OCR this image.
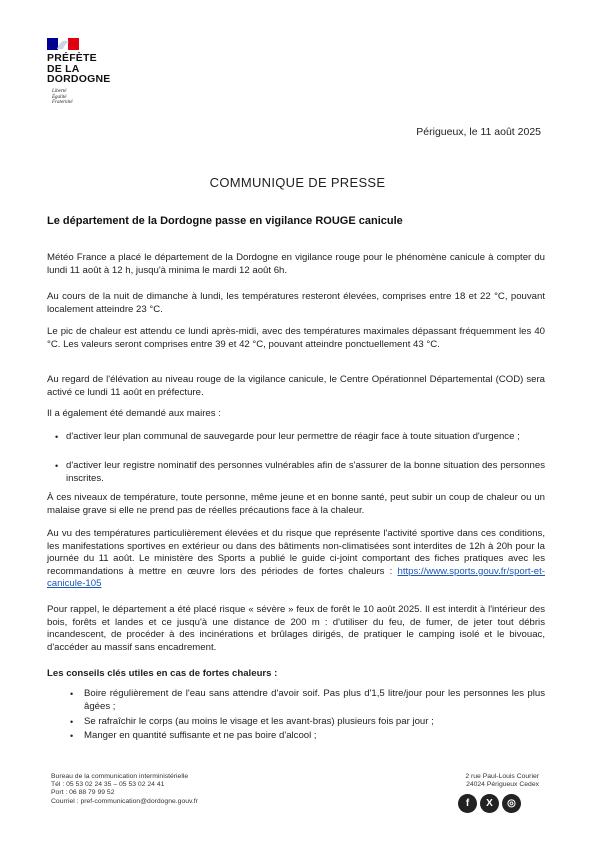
PRÉFÈTE
DE LA
DORDOGNE
Liberté
Égalité
Fraternité
Périgueux, le 11 août 2025
COMMUNIQUE DE PRESSE
Le département de la Dordogne passe en vigilance ROUGE canicule
Météo France a placé le département de la Dordogne en vigilance rouge pour le phénomène canicule à compter du lundi 11 août à 12 h, jusqu'à minima le mardi 12 août 6h.
Au cours de la nuit de dimanche à lundi, les températures resteront élevées, comprises entre 18 et 22 °C, pouvant localement atteindre 23 °C.
Le pic de chaleur est attendu ce lundi après-midi, avec des températures maximales dépassant fréquemment les 40 °C. Les valeurs seront comprises entre 39 et 42 °C, pouvant atteindre ponctuellement 43 °C.
Au regard de l'élévation au niveau rouge de la vigilance canicule, le Centre Opérationnel Départemental (COD) sera activé ce lundi 11 août en préfecture.
Il a également été demandé aux maires :
• d'activer leur plan communal de sauvegarde pour leur permettre de réagir face à toute situation d'urgence ;
• d'activer leur registre nominatif des personnes vulnérables afin de s'assurer de la bonne situation des personnes inscrites.
À ces niveaux de température, toute personne, même jeune et en bonne santé, peut subir un coup de chaleur ou un malaise grave si elle ne prend pas de réelles précautions face à la chaleur.
Au vu des températures particulièrement élevées et du risque que représente l'activité sportive dans ces conditions, les manifestations sportives en extérieur ou dans des bâtiments non-climatisées sont interdites de 12h à 20h pour la journée du 11 août. Le ministère des Sports a publié le guide ci-joint comportant des fiches pratiques avec les recommandations à mettre en œuvre lors des périodes de fortes chaleurs : https://www.sports.gouv.fr/sport-et-canicule-105
Pour rappel, le département a été placé risque « sévère » feux de forêt le 10 août 2025. Il est interdit à l'intérieur des bois, forêts et landes et ce jusqu'à une distance de 200 m : d'utiliser du feu, de fumer, de jeter tout débris incandescent, de procéder à des incinérations et brûlages dirigés, de pratiquer le camping isolé et le bivouac, d'accéder au massif sans encadrement.
Les conseils clés utiles en cas de fortes chaleurs :
• Boire régulièrement de l'eau sans attendre d'avoir soif. Pas plus d'1,5 litre/jour pour les personnes les plus âgées ;
• Se rafraîchir le corps (au moins le visage et les avant-bras) plusieurs fois par jour ;
• Manger en quantité suffisante et ne pas boire d'alcool ;
Bureau de la communication interministérielle
Tél : 05 53 02 24 35 – 05 53 02 24 41
Port : 06 88 79 99 52
Courriel : pref-communication@dordogne.gouv.fr
2 rue Paul-Louis Courier
24024 Périgueux Cedex
f	X	◎
